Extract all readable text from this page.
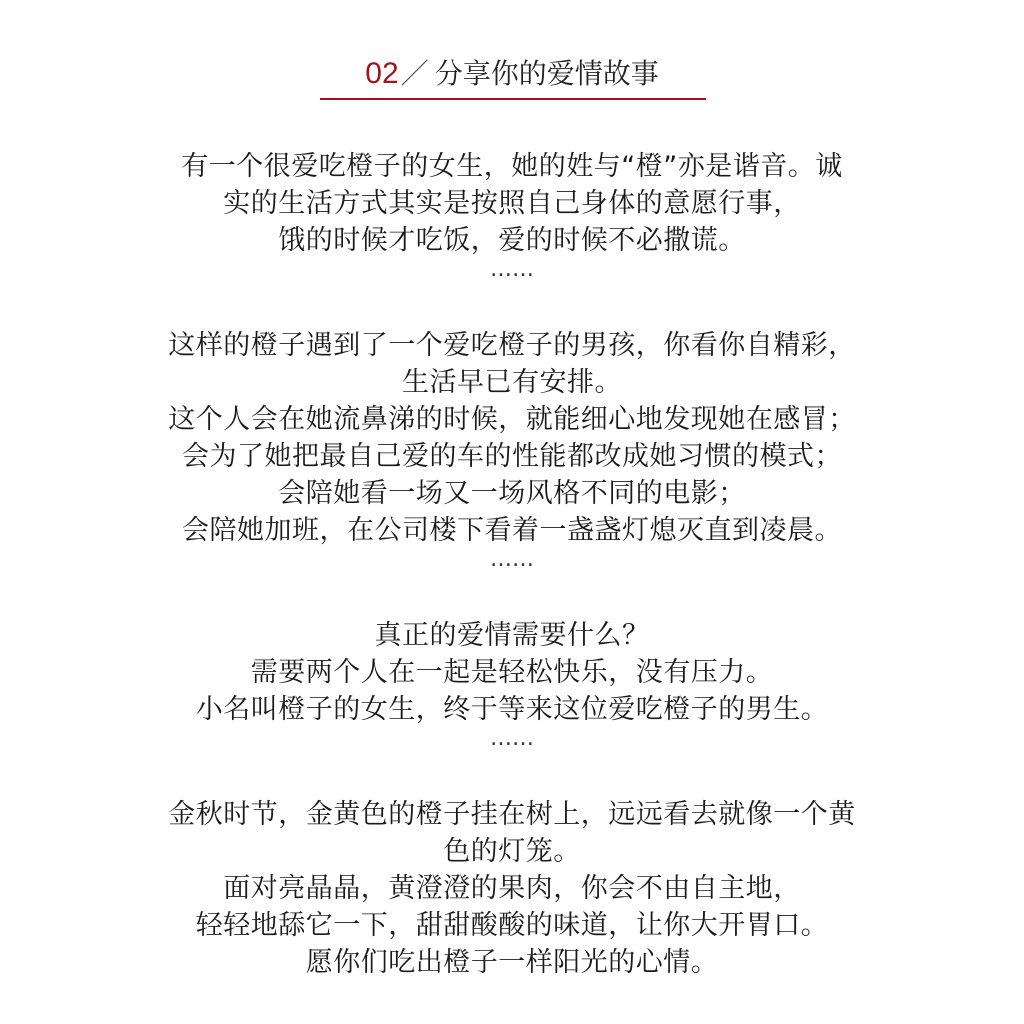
02／ 分享你的爱情故事

有一个很爱吃橙子的女生，她的姓与“橙”亦是谐音。诚

实的生活方式其实是按照自己身体的意愿行事，

饿的时候才吃饭，爱的时候不必撒谎。

……

这样的橙子遇到了一个爱吃橙子的男孩，你看你自精彩，

生活早已有安排。

这个人会在她流鼻涕的时候，就能细心地发现她在感冒；

会为了她把最自己爱的车的性能都改成她习惯的模式；

会陪她看一场又一场风格不同的电影；

会陪她加班，在公司楼下看着一盏盏灯熄灭直到凌晨。

……

真正的爱情需要什么？

需要两个人在一起是轻松快乐，没有压力。

小名叫橙子的女生，终于等来这位爱吃橙子的男生。

……

金秋时节，金黄色的橙子挂在树上，远远看去就像一个黄

色的灯笼。

面对亮晶晶，黄澄澄的果肉，你会不由自主地，

轻轻地舔它一下，甜甜酸酸的味道，让你大开胃口。

愿你们吃出橙子一样阳光的心情。
